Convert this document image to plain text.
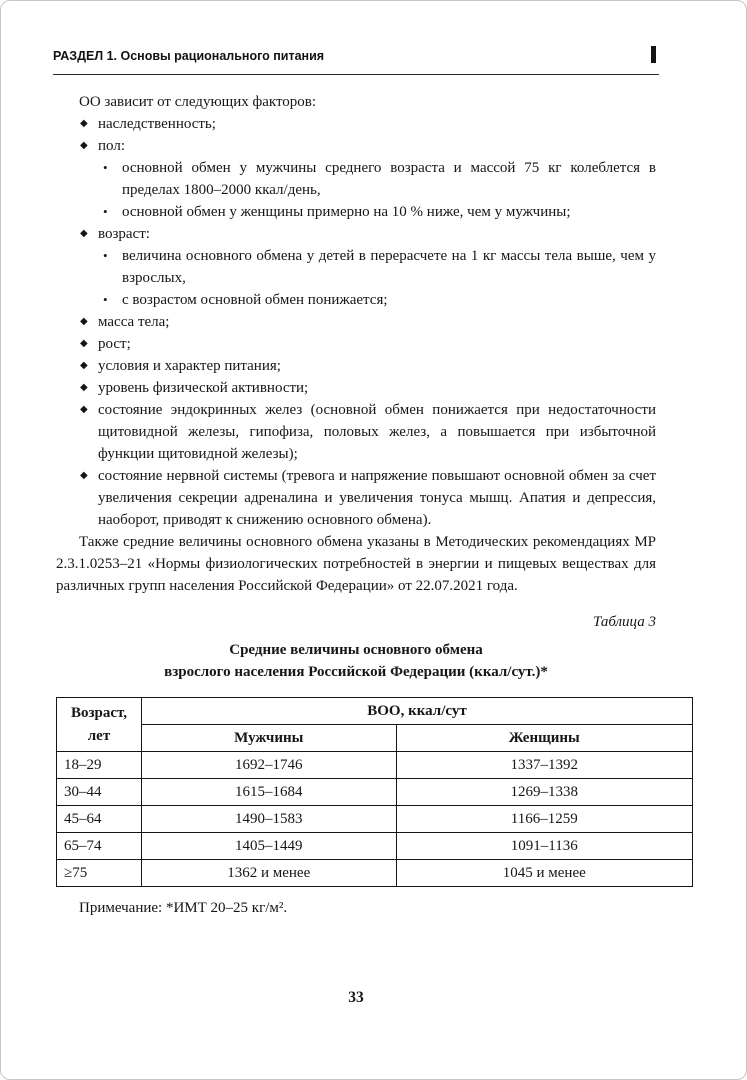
РАЗДЕЛ 1. Основы рационального питания

ОО зависит от следующих факторов:

◆ наследственность;
◆ пол:
• основной обмен у мужчины среднего возраста и массой 75 кг колеблется в пределах 1800–2000 ккал/день,
• основной обмен у женщины примерно на 10 % ниже, чем у мужчины;
◆ возраст:
• величина основного обмена у детей в перерасчете на 1 кг массы тела выше, чем у взрослых,
• с возрастом основной обмен понижается;
◆ масса тела;
◆ рост;
◆ условия и характер питания;
◆ уровень физической активности;
◆ состояние эндокринных желез (основной обмен понижается при недостаточности щитовидной железы, гипофиза, половых желез, а повышается при избыточной функции щитовидной железы);
◆ состояние нервной системы (тревога и напряжение повышают основной обмен за счет увеличения секреции адреналина и увеличения тонуса мышц. Апатия и депрессия, наоборот, приводят к снижению основного обмена).

Также средние величины основного обмена указаны в Методических рекомендациях МР 2.3.1.0253–21 «Нормы физиологических потребностей в энергии и пищевых веществах для различных групп населения Российской Федерации» от 22.07.2021 года.

Таблица 3

Средние величины основного обмена
взрослого населения Российской Федерации (ккал/сут.)*
Возраст,
лет	ВОО, ккал/сут	
	Мужчины	Женщины
18–29	1692–1746	1337–1392
30–44	1615–1684	1269–1338
45–64	1490–1583	1166–1259
65–74	1405–1449	1091–1136
≥75	1362 и менее	1045 и менее

Примечание: *ИМТ 20–25 кг/м².

33
